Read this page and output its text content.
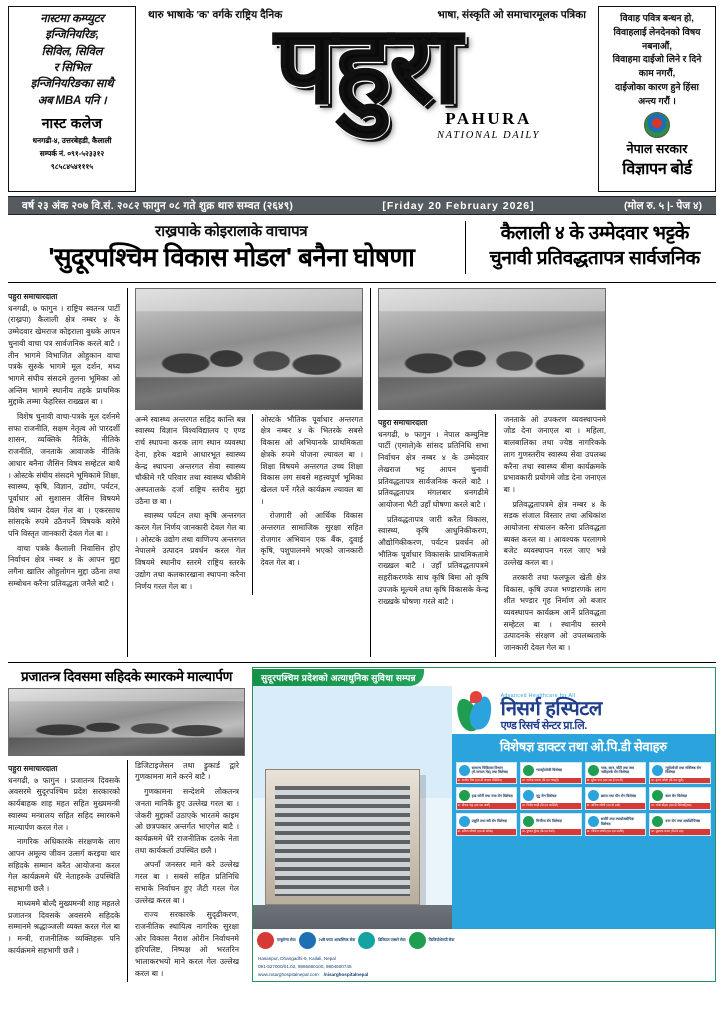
नास्टमा कम्प्युटर
इन्जिनियरिङ,
सिविल, सिविल
र सिभिल
इन्जिनियरिङका साथै
अब MBA पनि ।
नास्ट कलेज
धनगढी-४, उत्तरबेहडी, कैलाली
सम्पर्क नं. ०९१-५२३३१२
९८५८४५४१११५
थारु भाषाके 'क' वर्गके राष्ट्रिय दैनिक	भाषा, संस्कृति ओ समाचारमूलक पत्रिका
पहुरा
PAHURA
NATIONAL DAILY
विवाह पवित्र बन्धन हो,
विवाहलाई लेनदेनको विषय
नबनाऔं,
विवाहमा दाईजो लिने र दिने
काम नगरौं,
दाईजोका कारण हुने हिंसा
अन्त्य गरौं ।
नेपाल सरकार
विज्ञापन बोर्ड
वर्ष २३ अंक २०७ वि.सं. २०८२ फागुन ०८ गते शुक्र थारु सम्वत (२६४९)	[Friday 20 February 2026]	(मोल रु. ५ |- पेज ४)
राख्रपाके कोइरालाके वाचापत्र
'सुदूरपश्चिम विकास मोडल' बनैना घोषणा
कैलाली ४ के उम्मेदवार भट्टके
चुनावी प्रतिवद्धतापत्र सार्वजनिक
पहुरा समाचारदाता

धनगढी, ७ फागुन । राष्ट्रिय स्वतन्त्र पार्टी (राख्रपा) कैलाली क्षेत्र नम्बर ४ के उम्मेदवार खेमराज कोइराला बुधके आपन चुनावी वाचा पत्र सार्वजनिक करले बाटै । तीन भागमे विभाजित ओहुकान वाचा पत्रके सुरुके भागमे मूल दर्शन, मध्य भागमे संघीय संसदमे तुलना भूमिका ओ अन्तिम भागमे स्थानीय तहके प्राथमिक मुद्दाके लम्मा फेहरिस्त राख्खल बा ।

विशेष चुनावी वाचा-पत्रके मूल दर्शनमे सफा राजनीति, सक्षम नेतृत्व ओ पारदर्शी शासन, व्यक्तिके नैतिके, नीतिके राजनीति, जनताके आवाजके नीतिके आधार बनैना जैसिन विषय सम्हेटल बाथै । ओस्टके संघीय संसदमे भूमिकामे शिक्षा, स्वास्थ्य, कृषि, विज्ञान, उद्योग, पर्यटन, पूर्वाधार ओ सुशासन जैसिन विषयमे विशेष ध्यान देवल गेल बा । एकरसाथ सांसदके रुपमे उठैनपर्ने विषयके बारेमे पनि विस्तृत जानकारी देवल गेल बा ।

वाचा पत्रके कैलाली निवासिन होए निर्वाचन क्षेत्र नम्बर ४ के आपन मुद्दा लगैना खातिर ओहुलोगन मुद्दा उठैना तथा सम्बोधन करैना प्रतिवद्धता जनैले बाटै ।

अन्मे स्वास्थ्य अन्तरगत सहिद कान्ति बन्न स्वास्थ्य विज्ञान विश्वविद्यालय ए एण्ड रार्च स्थापना करक लाग स्थान व्यवस्था देना, हरेक बडामे आधारभूत स्वास्थ्य केन्द्र स्थापना अन्तरगत सेवा स्वास्थ्य चौकीमे गरै परिवार तथा स्वास्थ्य चौकीमे अस्पतालके दर्जा राष्ट्रिय स्तरीय मुद्दा उठैना छ बा ।

स्वास्थ्य पर्यटन तथा कृषि अन्तरगत करल गेल निर्णय जानकारी देवल गेल बा । ओस्टके उद्योग तथा वाणिज्य अन्तरगत नेपालमे उत्पादन प्रवर्धन करल गेल विषयमे स्थानीय स्तरमे राष्ट्रिय स्तरके उद्योग तथा कलकारखाना स्थापना करैना निर्णय गरल गेल बा ।

ओस्टके भौतिक पूर्वाधार अन्तरगत क्षेत्र नम्बर ४ के भितरके सबसे विकास ओ अभियानके प्राथमिकता क्षेत्रके रुपमे योजना ल्यावल बा । शिक्षा विषयमे अन्तरगत उच्च शिक्षा विकास लग सबसे महत्त्वपूर्ण भूमिका खेलल पर्ने गरैले कार्यक्रम ल्यावल बा ।

रोजगारी ओ आर्थिक विकास अन्तरगत सामाजिक सुरक्षा सहित रोजगार अभियान एक बैंक, दुवाई कृषि, पशुपालनमे भएको जानकारी देवल गेल बा ।

पहुरा समाचारदाता

धनगढी, ७ फागुन । नेपाल कम्युनिष्ट पार्टी (एमाले)के सांसद प्रतिनिधि सभा निर्वाचन क्षेत्र नम्बर ४ के उम्मेदवार लेखराज भट्ट आपन चुनावी प्रतिवद्धतापत्र सार्वजनिक करले बाटै । प्रतिवद्धतापत्र मंगलबार धनगढीमे आयोजना भैटी उहाँ घोषणा करले बाटै ।

प्रतिवद्धतापत्र जारी करैत विकास, स्वास्थ्य, कृषि आधुनिकीकरण, औद्योगिकीकरण, पर्यटन प्रवर्धन ओ भौतिक पूर्वाधार विकासके प्राथमिकतामे राख्खल बाटै । उहाँ प्रतिवद्धतापत्रमे सहरीकरणके साथ कृषि बिमा ओ कृषि उपजके मूल्यमे तथा कृषि विकासके केन्द्र राख्खके घोषणा गरले बाटै ।

जनताके ओ उपकरण व्यवस्थापनमे जोड देना जनाएल बा । महिला, बालबालिका तथा ज्येष्ठ नागरिकके लाग गुणस्तरीय स्वास्थ्य सेवा उपलब्ध करैना तथा स्वास्थ्य बीमा कार्यक्रमके प्रभावकारी प्रयोगमे जोड देना जनाएल बा ।

प्रतिवद्धतापत्रमे क्षेत्र नम्बर ४ के सडक संजाल विस्तार तथा अधिकांश आयोजना संचालन करैना प्रतिवद्धता ब्यक्त करल बा । आवश्यक परलागमे बजेट व्यवस्थापन गरल जाए भन्ने उल्लेख करल बा ।

तरकारी तथा फलफूल खेती क्षेत्र विकास, कृषि उपज भण्डारणके लाग शीत भण्डार गृह निर्माण ओ बजार व्यवस्थापन कार्यक्रम आर्ने प्रतिवद्धता सम्हेटल बा । स्थानीय स्तरमे उत्पादनके संरक्षण ओ उपलब्धताके जानकारी देवल गेल बा ।

प्रजातन्त्र दिवसमा सहिदके स्मारकमे माल्यार्पण
पहुरा समाचारदाता

धनगढी, ७ फागुन । प्रजातन्त्र दिवसके अवसरमे सुदूरपश्चिम प्रदेश सरकारको कार्यबाहक शाह महत सहित मुख्यमन्त्री स्वास्थ्य मन्त्रालय सहित सहिद स्मारकमे माल्यार्पण करल गेल ।

नागरिक अधिकारके संरक्षणके लाग आपन अमूल्य जीवन उत्सर्ग करइया थार सहिदके सम्मान करैत आयोजना करल गेल कार्यक्रममे धेरै नेताहरुके उपस्थिति सहभागी छलै ।

माध्यममे बोल्दै मुख्यमन्त्री शाह महतले प्रजातन्त्र दिवसके अवसरमे सहिदके सम्मानमे श्रद्धाञ्जली व्यक्त करल गेल बा । मन्त्री, राजनीतिक व्यक्तिहरू पनि कार्यक्रममे सहभागी छलै ।

डिजिटाइजेसन तथा ड्रुकार्ड द्वारे गुणकामना माने करने बाटै ।

गुणकामना सन्देशमे लोकतन्त्र जनता मानिकै हुए उल्लेख गरल बा । जेकरी मुद्दाकाँ उठाएके भारतमे काइम ओ छत्रपकार अन्तर्गत भाएगेल बाटै । कार्यक्रममे धेरै राजनीतिक दलके नेता तथा कार्यकर्ता उपस्थित छलै ।

अपनाँ जनस्तर माने करे उल्लेख गरल बा । सबसे सहित प्रतिनिधि सभाके निर्वाचन हुए जैटी गरल गेल उल्लेख करल बा ।

राज्य सरकारके सुदृढीकरण, राजनीतिक स्थायित्व नागरिक सुरक्षा ओर विकास नैराश ओरीन निर्वाचनमे हरिपलिष्ट, निष्पक्ष ओ भरतरिन भालाकरभयो माने करल गेल उल्लेख करल बा ।

सुदूरपश्चिम प्रदेशको अत्याधुनिक सुविधा सम्पन्न
Advanced Healthcare for All
निसर्ग हस्पिटल
एण्ड रिसर्च सेन्टर प्रा.लि.
विशेषज्ञ डाक्टर तथा ओ.पि.डी सेवाहरु
सामान्य चिकित्सा विभाग (मे.जनरल मेड) तथा विशेषज्ञ
डा. सन्दीप विष्ट (एम.डी जनरल मेडिसिन)
ग्यास्ट्रोलोजी विशेषज्ञ
डा. राजेन्द्र पाठक (डि.एम ग्यास्ट्रो)
नाक, कान, घाँटी तथा स्वर नलीहरुके रोग विशेषज्ञ
डा. सुरेश चन्द (एम.एस ई.एन.टी)
न्युरोलोजी तथा मस्तिष्क रोग विशेषज्ञ
डा. कृष्ण जोशी (डि.एम न्युरो)
हाड जोर्नी तथा नसा रोग विशेषज्ञ
डा. दीपक भट्ट (एम.एस अर्थो)
मुटु रोग विशेषज्ञ
डा. विनोद शाही (डि.एम कार्डियो)
छाला तथा यौन रोग विशेषज्ञ
डा. अनिता जोशी (एम.डी डर्मा)
बाल रोग विशेषज्ञ
डा. रमेश बोहरा (एम.डी पेडियाट्रिक्स)
प्रसुति तथा स्त्री रोग विशेषज्ञ
डा. सरिता चौधरी (एम.डी ओब्स)
मिर्गौला रोग विशेषज्ञ
डा. पुष्कर कुँवर (डि.एम नेफ्रो)
सर्जरी तथा ल्याप्रोस्कोपिक विशेषज्ञ
डा. गोविन्द जोशी (एम.एस सर्जरी)
दन्त रोग तथा अर्थोडोन्टिक्स
डा. सुजाता रावल (बि.डि.एस)
एम्बुलेन्स सेवा	२४सै घण्टा आकस्मिक सेवा	डिजिटल एक्सरे सेवा	फिजियोथेरापी सेवा
Hasanpur, Dhangadhi-5, Kailali, Nepal
091-527000/01.02, 9865680100, 9804600745
www.nisarghospitalnepal.com /nisarghospitalnepal
